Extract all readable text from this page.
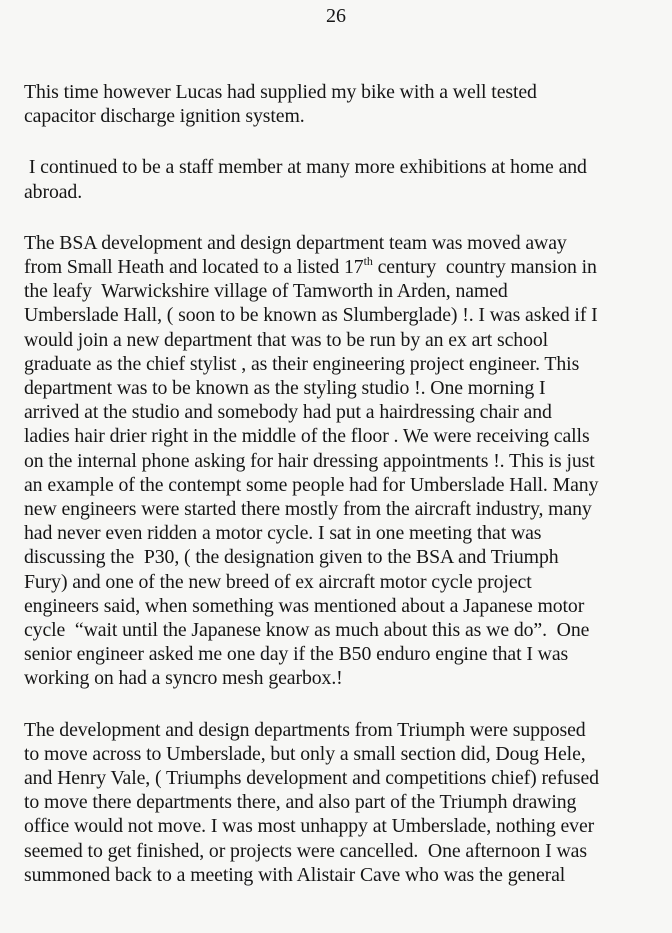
26

This time however Lucas had supplied my bike with a well tested
capacitor discharge ignition system.

I continued to be a staff member at many more exhibitions at home and
abroad.

The BSA development and design department team was moved away
from Small Heath and located to a listed 17th century  country mansion in
the leafy  Warwickshire village of Tamworth in Arden, named
Umberslade Hall, ( soon to be known as Slumberglade) !. I was asked if I
would join a new department that was to be run by an ex art school
graduate as the chief stylist , as their engineering project engineer. This
department was to be known as the styling studio !. One morning I
arrived at the studio and somebody had put a hairdressing chair and
ladies hair drier right in the middle of the floor . We were receiving calls
on the internal phone asking for hair dressing appointments !. This is just
an example of the contempt some people had for Umberslade Hall. Many
new engineers were started there mostly from the aircraft industry, many
had never even ridden a motor cycle. I sat in one meeting that was
discussing the  P30, ( the designation given to the BSA and Triumph
Fury) and one of the new breed of ex aircraft motor cycle project
engineers said, when something was mentioned about a Japanese motor
cycle  “wait until the Japanese know as much about this as we do”.  One
senior engineer asked me one day if the B50 enduro engine that I was
working on had a syncro mesh gearbox.!

The development and design departments from Triumph were supposed
to move across to Umberslade, but only a small section did, Doug Hele,
and Henry Vale, ( Triumphs development and competitions chief) refused
to move there departments there, and also part of the Triumph drawing
office would not move. I was most unhappy at Umberslade, nothing ever
seemed to get finished, or projects were cancelled.  One afternoon I was
summoned back to a meeting with Alistair Cave who was the general
